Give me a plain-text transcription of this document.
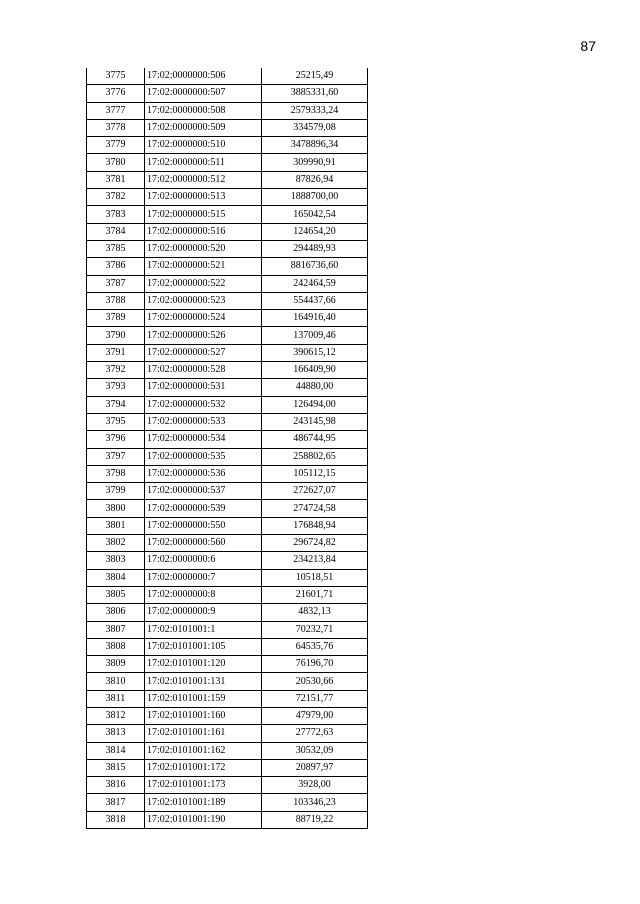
87
3775	17:02:0000000:506	25215,49
3776	17:02:0000000:507	3885331,60
3777	17:02:0000000:508	2579333,24
3778	17:02:0000000:509	334579,08
3779	17:02:0000000:510	3478896,34
3780	17:02:0000000:511	309990,91
3781	17:02:0000000:512	87826,94
3782	17:02:0000000:513	1888700,00
3783	17:02:0000000:515	165042,54
3784	17:02:0000000:516	124654,20
3785	17:02:0000000:520	294489,93
3786	17:02:0000000:521	8816736,60
3787	17:02:0000000:522	242464,59
3788	17:02:0000000:523	554437,66
3789	17:02:0000000:524	164916,40
3790	17:02:0000000:526	137009,46
3791	17:02:0000000:527	390615,12
3792	17:02:0000000:528	166409,90
3793	17:02:0000000:531	44880,00
3794	17:02:0000000:532	126494,00
3795	17:02:0000000:533	243145,98
3796	17:02:0000000:534	486744,95
3797	17:02:0000000:535	258802,65
3798	17:02:0000000:536	105112,15
3799	17:02:0000000:537	272627,07
3800	17:02:0000000:539	274724,58
3801	17:02:0000000:550	176848,94
3802	17:02:0000000:560	296724,82
3803	17:02:0000000:6	234213,84
3804	17:02:0000000:7	10518,51
3805	17:02:0000000:8	21601,71
3806	17:02:0000000:9	4832,13
3807	17:02:0101001:1	70232,71
3808	17:02:0101001:105	64535,76
3809	17:02:0101001:120	76196,70
3810	17:02:0101001:131	20530,66
3811	17:02:0101001:159	72151,77
3812	17:02:0101001:160	47979,00
3813	17:02:0101001:161	27772,63
3814	17:02:0101001:162	30532,09
3815	17:02:0101001:172	20897,97
3816	17:02:0101001:173	3928,00
3817	17:02:0101001:189	103346,23
3818	17:02:0101001:190	88719,22
